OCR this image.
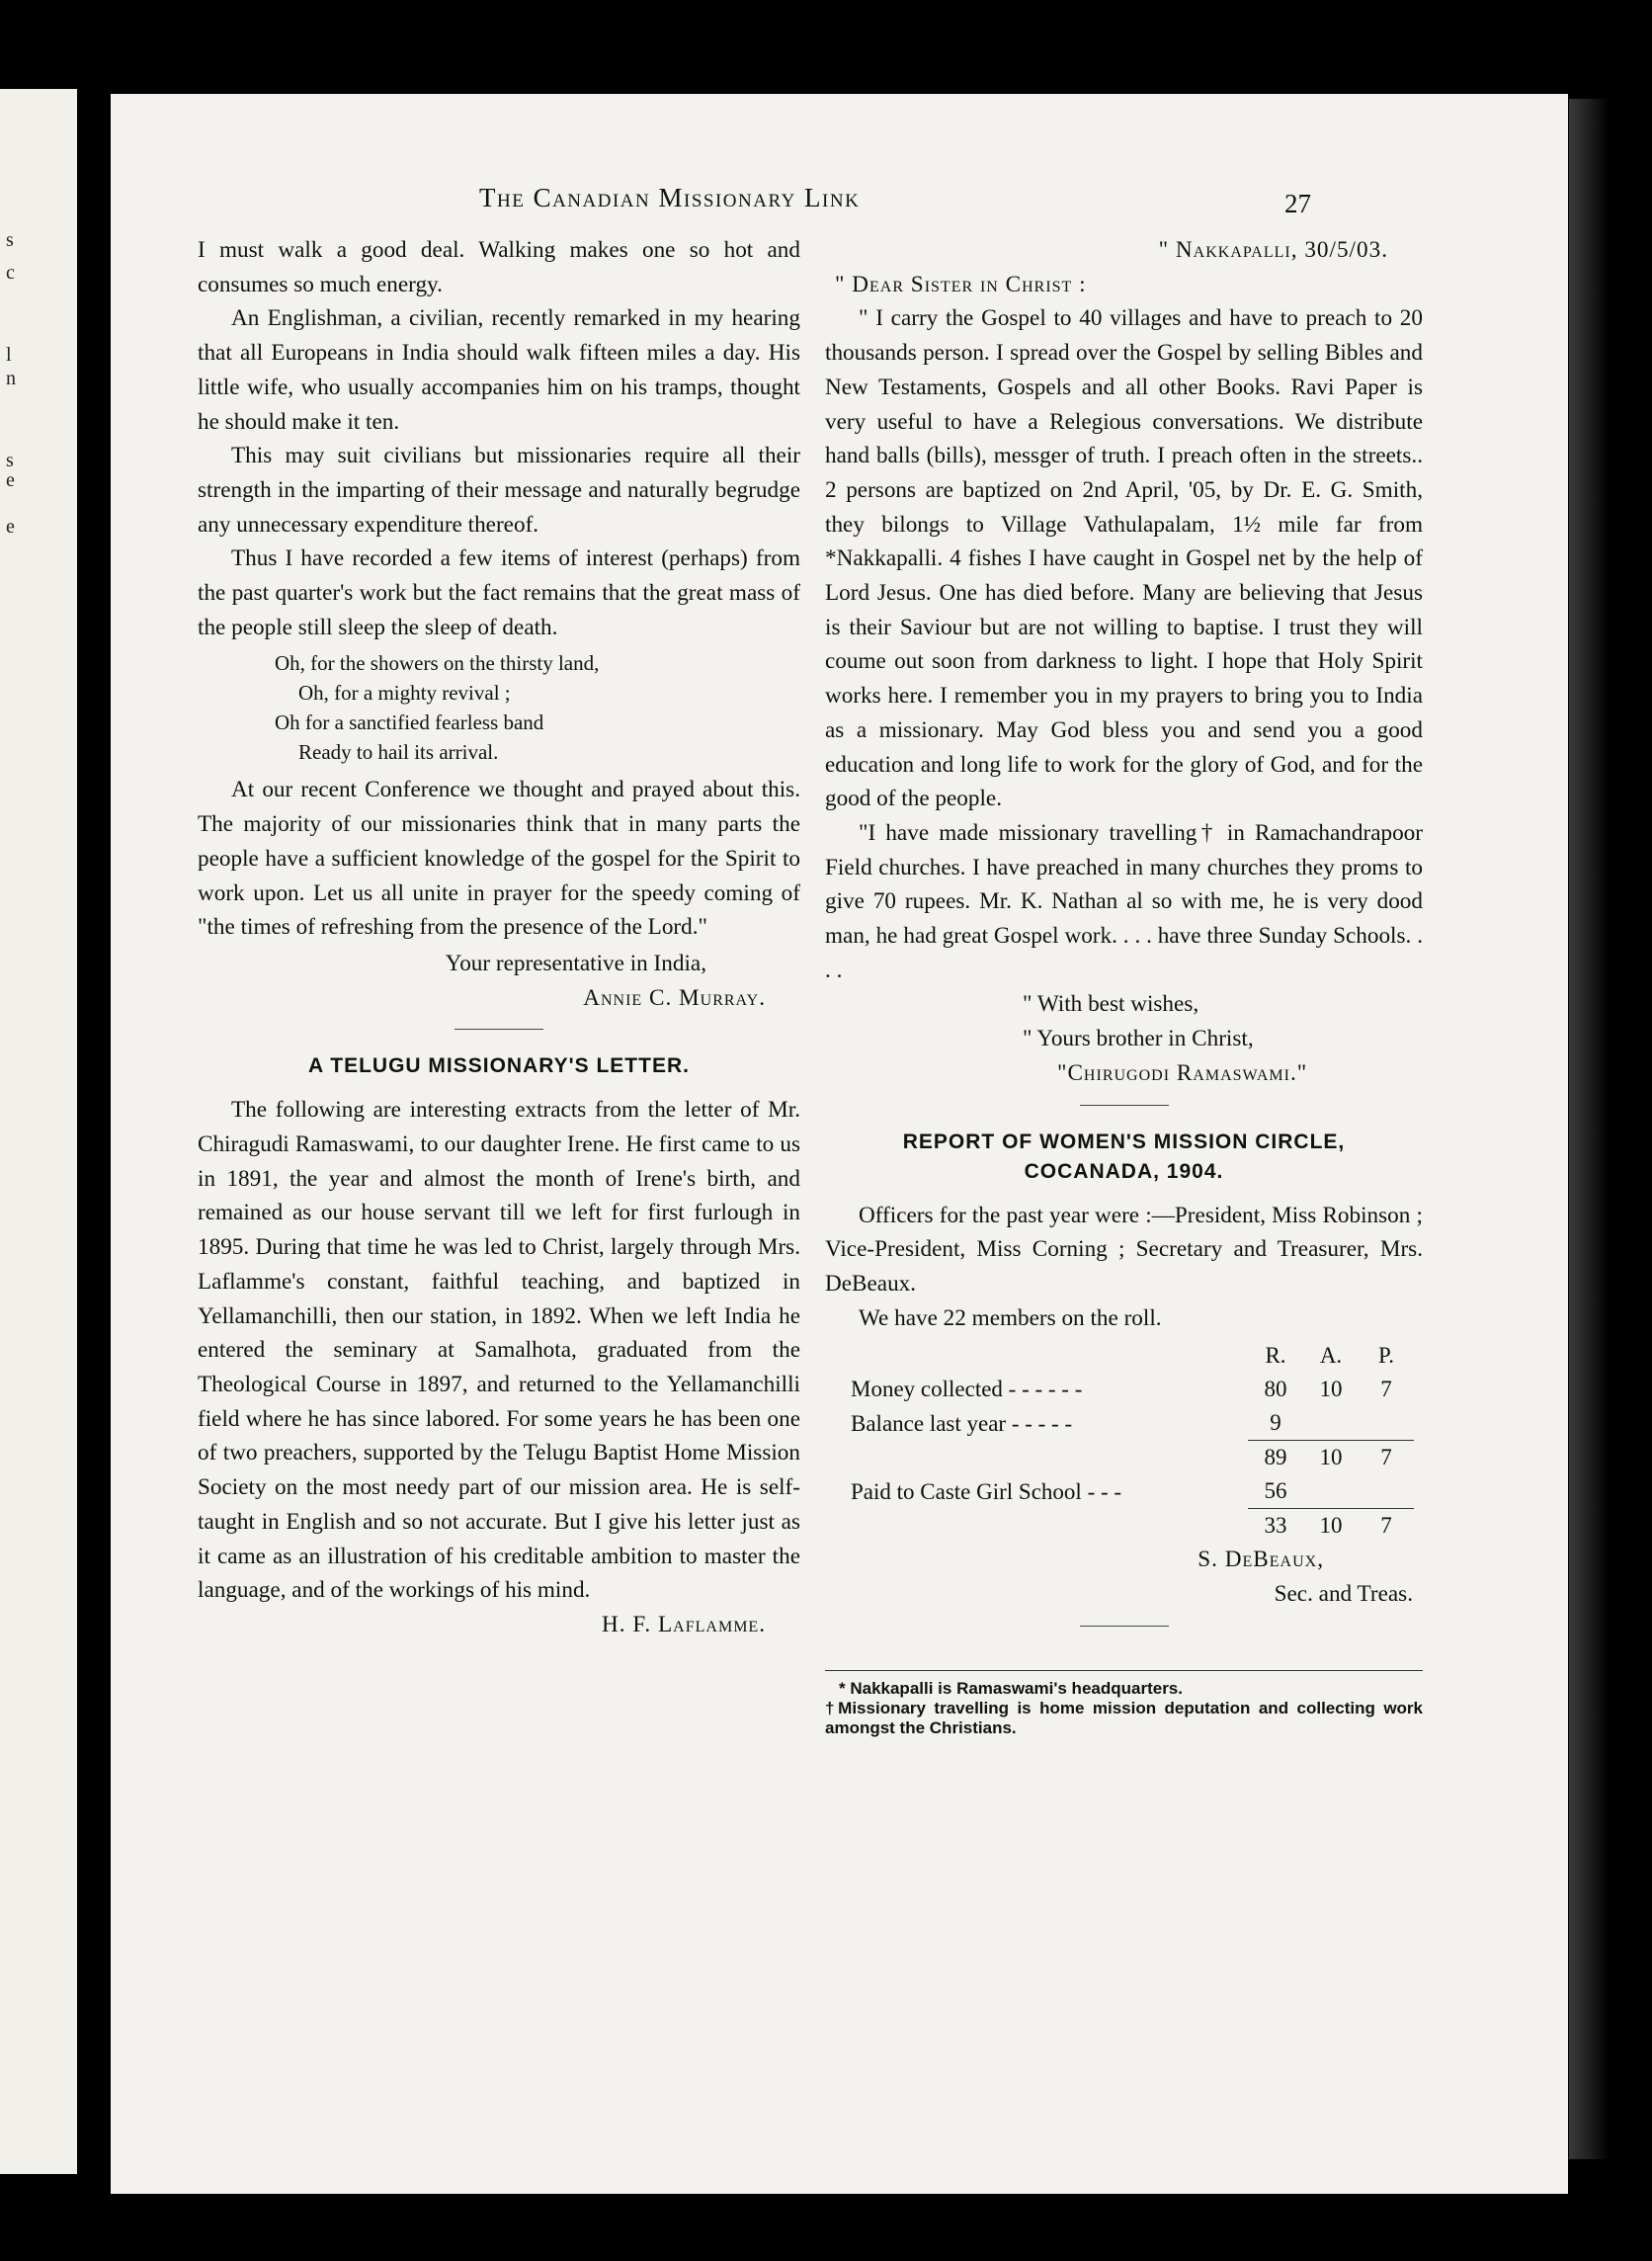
s
c
l
n
s
e
e
The Canadian Missionary Link	27

I must walk a good deal. Walking makes one so hot and consumes so much energy.

An Englishman, a civilian, recently remarked in my hearing that all Europeans in India should walk fifteen miles a day. His little wife, who usually accompanies him on his tramps, thought he should make it ten.

This may suit civilians but missionaries require all their strength in the imparting of their message and naturally begrudge any unnecessary expenditure thereof.

Thus I have recorded a few items of interest (perhaps) from the past quarter's work but the fact remains that the great mass of the people still sleep the sleep of death.

Oh, for the showers on the thirsty land,
Oh, for a mighty revival ;
Oh for a sanctified fearless band
Ready to hail its arrival.

At our recent Conference we thought and prayed about this. The majority of our missionaries think that in many parts the people have a sufficient knowledge of the gospel for the Spirit to work upon. Let us all unite in prayer for the speedy coming of "the times of refreshing from the presence of the Lord."

Your representative in India,
Annie C. Murray.
A TELUGU MISSIONARY'S LETTER.

The following are interesting extracts from the letter of Mr. Chiragudi Ramaswami, to our daughter Irene. He first came to us in 1891, the year and almost the month of Irene's birth, and remained as our house servant till we left for first furlough in 1895. During that time he was led to Christ, largely through Mrs. Laflamme's constant, faithful teaching, and baptized in Yellamanchilli, then our station, in 1892. When we left India he entered the seminary at Samalhota, graduated from the Theological Course in 1897, and returned to the Yellamanchilli field where he has since labored. For some years he has been one of two preachers, supported by the Telugu Baptist Home Mission Society on the most needy part of our mission area. He is self-taught in English and so not accurate. But I give his letter just as it came as an illustration of his creditable ambition to master the language, and of the workings of his mind.

H. F. Laflamme.
" Nakkapalli, 30/5/03.
" Dear Sister in Christ :

" I carry the Gospel to 40 villages and have to preach to 20 thousands person. I spread over the Gospel by selling Bibles and New Testaments, Gospels and all other Books. Ravi Paper is very useful to have a Relegious conversations. We distribute hand balls (bills), messger of truth. I preach often in the streets.. 2 persons are baptized on 2nd April, '05, by Dr. E. G. Smith, they bilongs to Village Vathulapalam, 1½ mile far from *Nakkapalli. 4 fishes I have caught in Gospel net by the help of Lord Jesus. One has died before. Many are believing that Jesus is their Saviour but are not willing to baptise. I trust they will coume out soon from darkness to light. I hope that Holy Spirit works here. I remember you in my prayers to bring you to India as a missionary. May God bless you and send you a good education and long life to work for the glory of God, and for the good of the people.

"I have made missionary travelling† in Ramachandrapoor Field churches. I have preached in many churches they proms to give 70 rupees. Mr. K. Nathan al so with me, he is very dood man, he had great Gospel work. . . . have three Sunday Schools. . . .

" With best wishes,
" Yours brother in Christ,
"Chirugodi Ramaswami."
REPORT OF WOMEN'S MISSION CIRCLE,
COCANADA, 1904.

Officers for the past year were :—President, Miss Robinson ; Vice-President, Miss Corning ; Secretary and Treasurer, Mrs. DeBeaux.

We have 22 members on the roll.

	R.	A.	P.
Money collected - - - - - -	80	10	7
Balance last year - - - - -	9		
	89	10	7
Paid to Caste Girl School - - -	56		
	33	10	7
S. DeBeaux,
Sec. and Treas.

* Nakkapalli is Ramaswami's headquarters.

†Missionary travelling is home mission deputation and collecting work amongst the Christians.
